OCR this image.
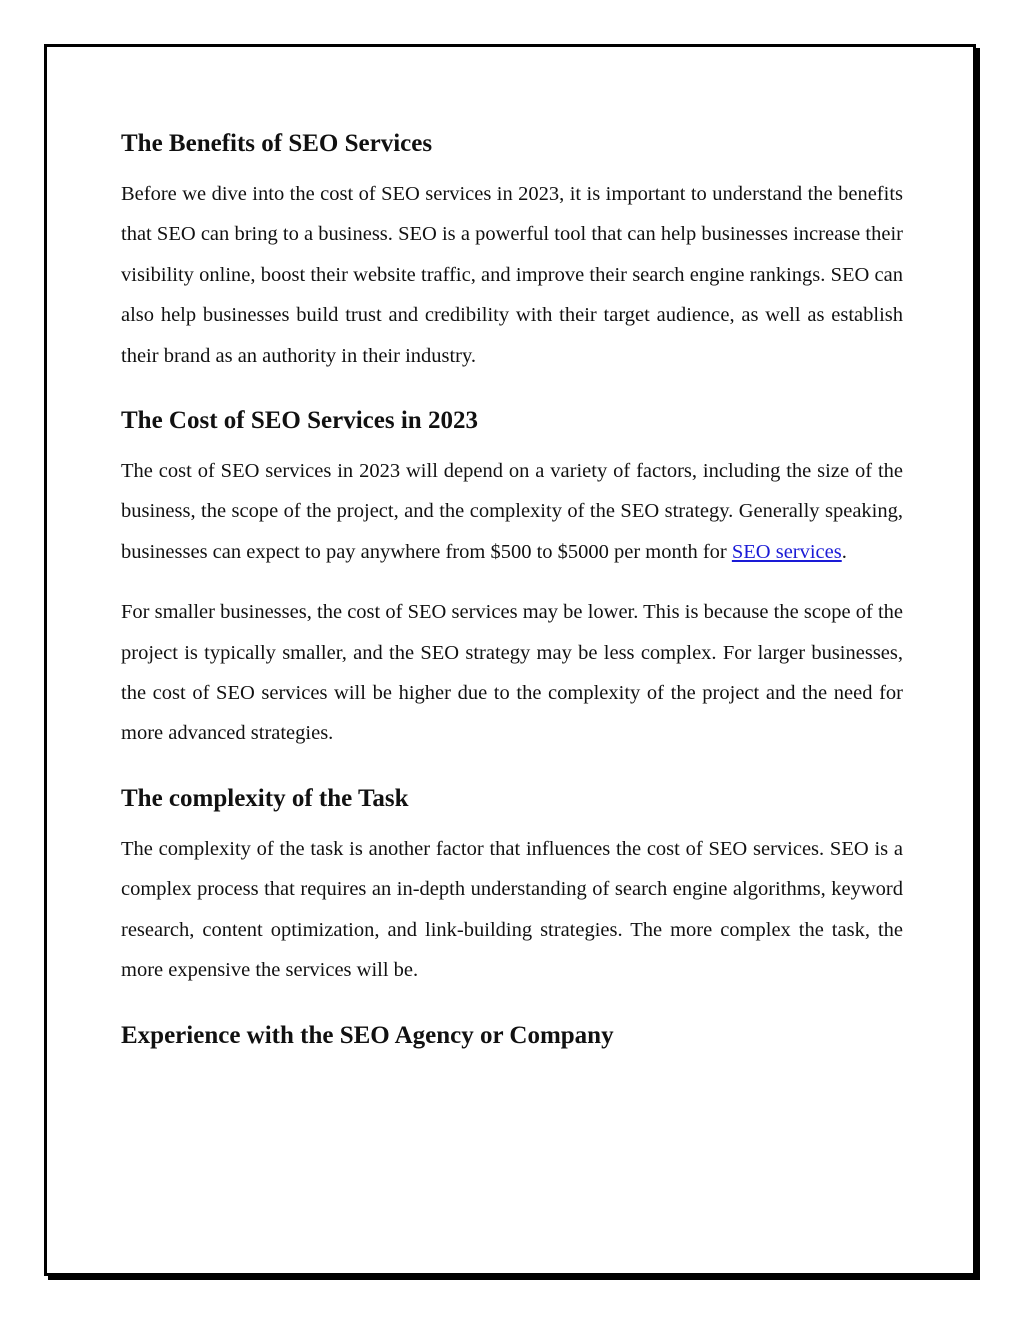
The Benefits of SEO Services

Before we dive into the cost of SEO services in 2023, it is important to understand the benefits that SEO can bring to a business. SEO is a powerful tool that can help businesses increase their visibility online, boost their website traffic, and improve their search engine rankings. SEO can also help businesses build trust and credibility with their target audience, as well as establish their brand as an authority in their industry.

The Cost of SEO Services in 2023

The cost of SEO services in 2023 will depend on a variety of factors, including the size of the business, the scope of the project, and the complexity of the SEO strategy. Generally speaking, businesses can expect to pay anywhere from $500 to $5000 per month for SEO services.

For smaller businesses, the cost of SEO services may be lower. This is because the scope of the project is typically smaller, and the SEO strategy may be less complex. For larger businesses, the cost of SEO services will be higher due to the complexity of the project and the need for more advanced strategies.

The complexity of the Task

The complexity of the task is another factor that influences the cost of SEO services. SEO is a complex process that requires an in-depth understanding of search engine algorithms, keyword research, content optimization, and link-building strategies. The more complex the task, the more expensive the services will be.

Experience with the SEO Agency or Company
